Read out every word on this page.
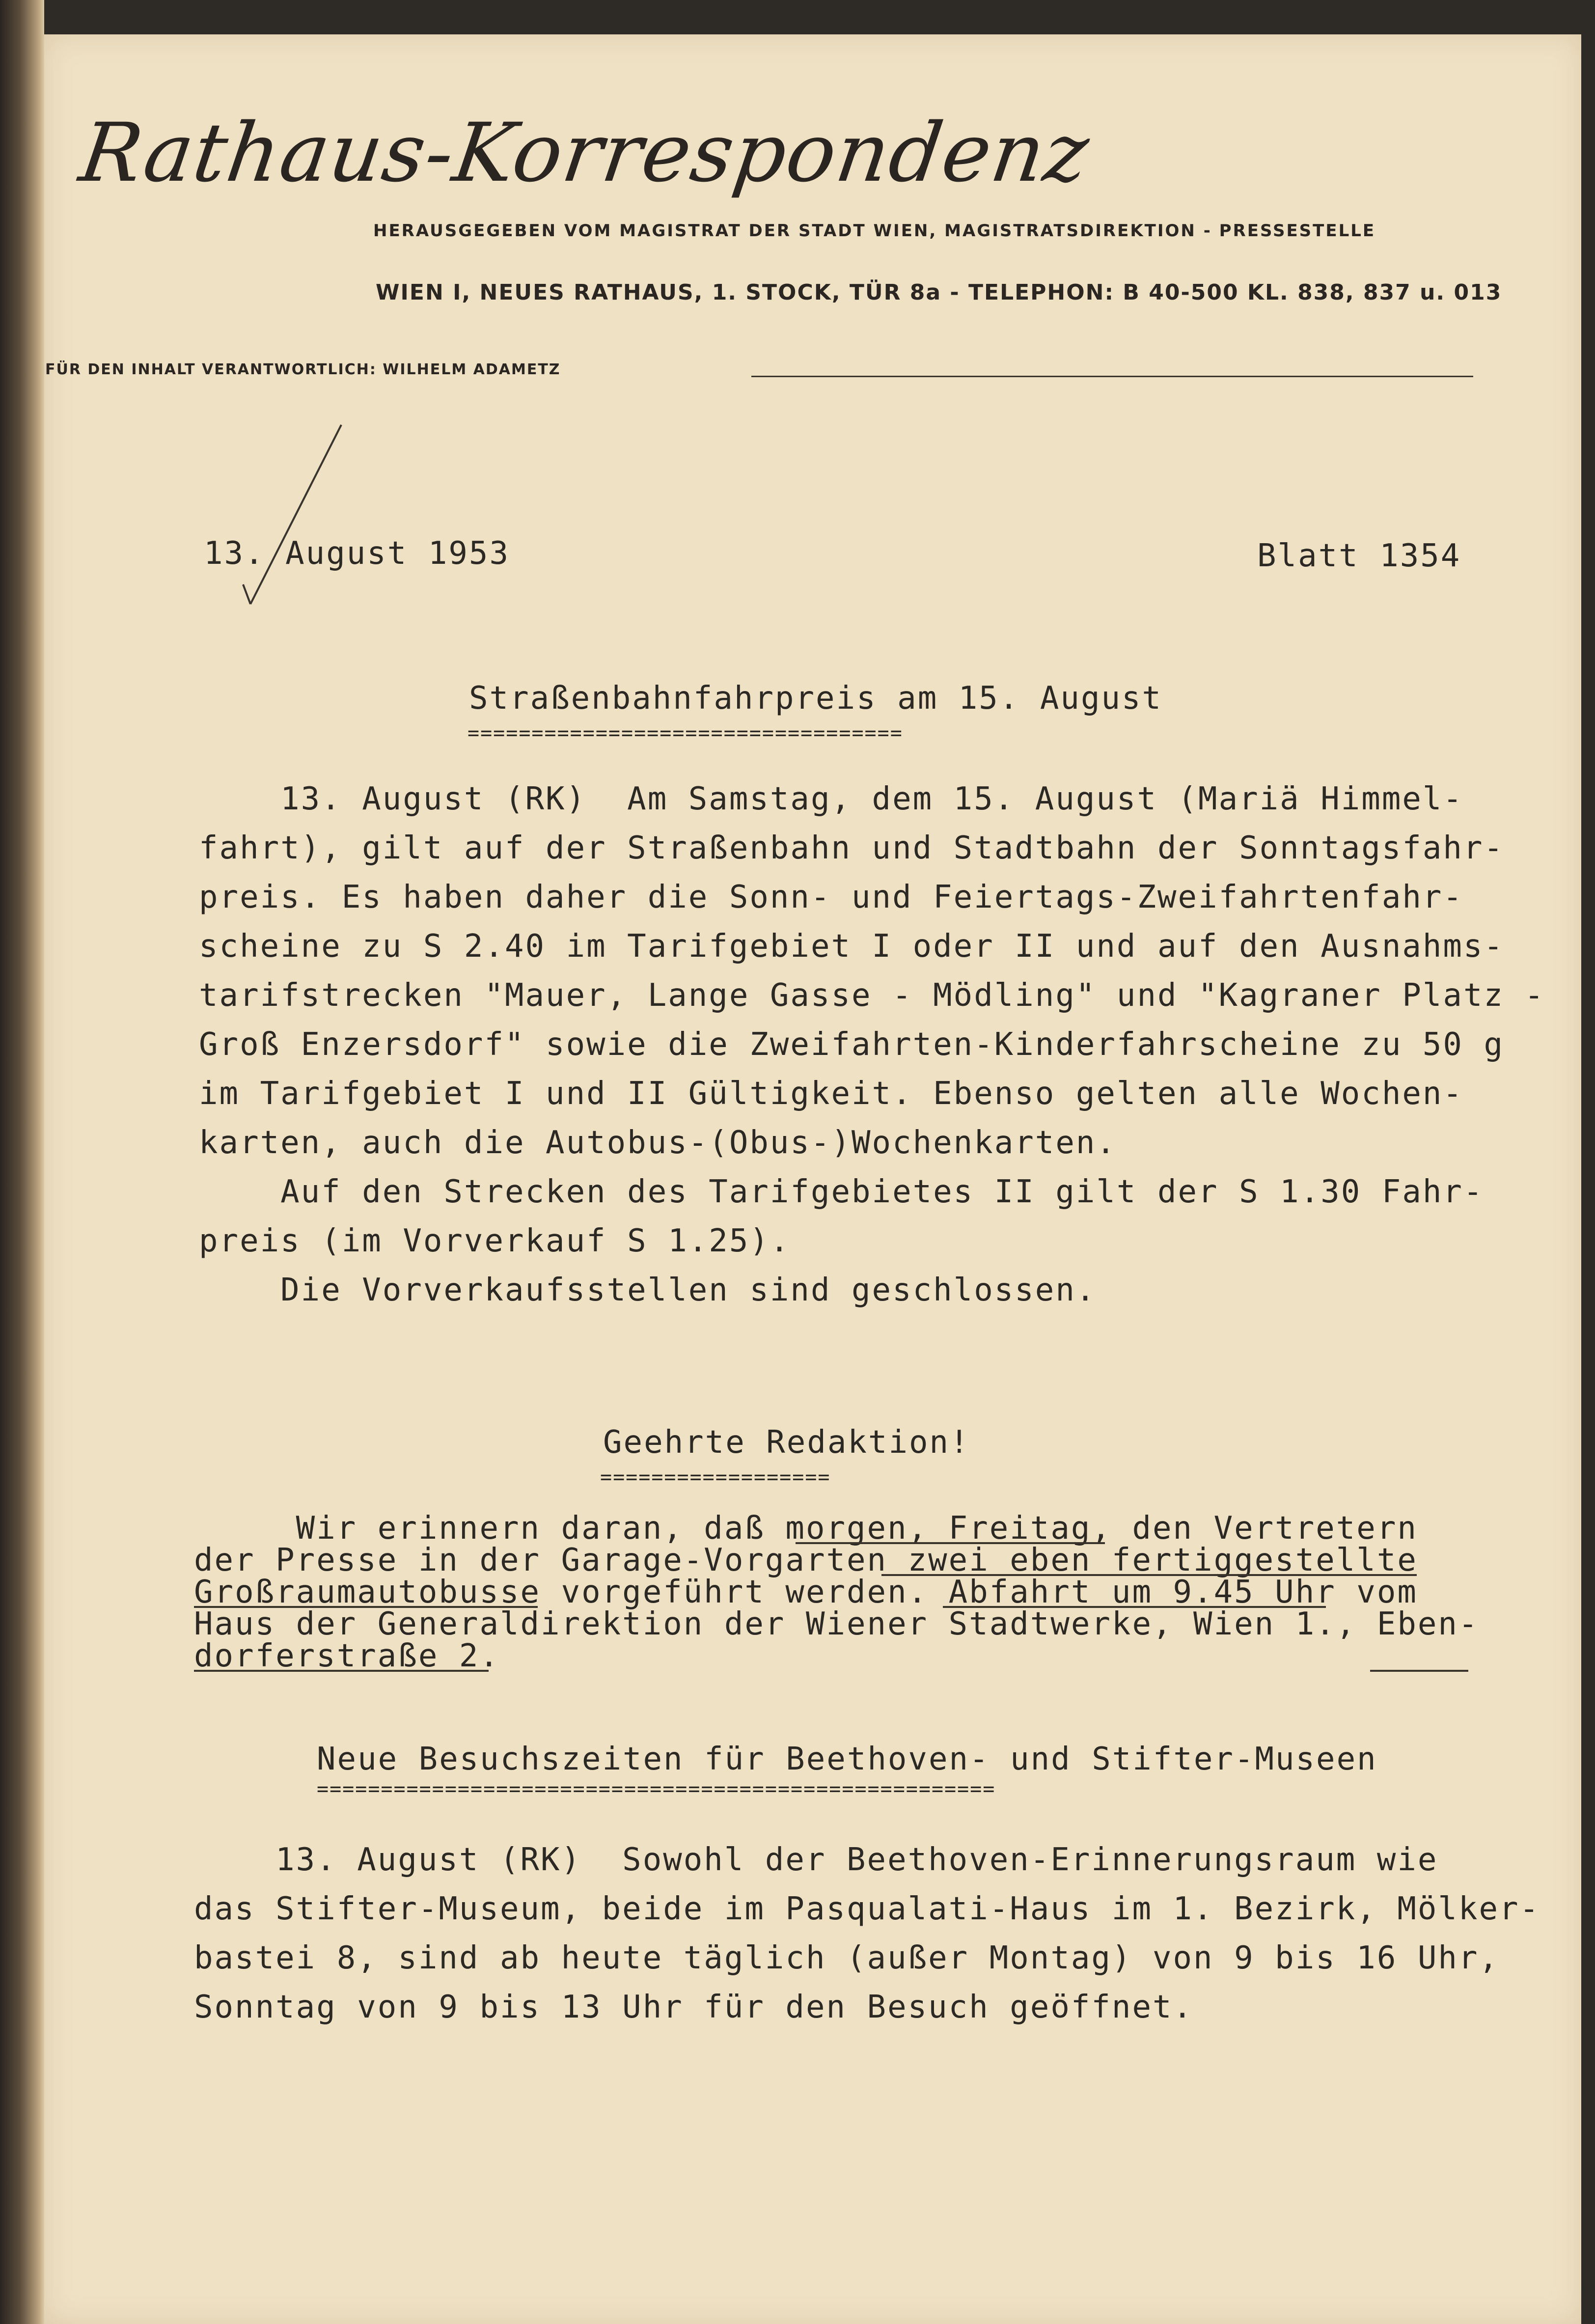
Rathaus-Korrespondenz
HERAUSGEGEBEN VOM MAGISTRAT DER STADT WIEN, MAGISTRATSDIREKTION - PRESSESTELLE
WIEN I, NEUES RATHAUS, 1. STOCK, TÜR 8a - TELEPHON: B 40-500 KL. 838, 837 u. 013
FÜR DEN INHALT VERANTWORTLICH: WILHELM ADAMETZ
13. August 1953	Blatt 1354
Straßenbahnfahrpreis am 15. August
==================================
13. August (RK)  Am Samstag, dem 15. August (Mariä Himmel-
fahrt), gilt auf der Straßenbahn und Stadtbahn der Sonntagsfahr-
preis. Es haben daher die Sonn- und Feiertags-Zweifahrtenfahr-
scheine zu S 2.40 im Tarifgebiet I oder II und auf den Ausnahms-
tarifstrecken "Mauer, Lange Gasse - Mödling" und "Kagraner Platz -
Groß Enzersdorf" sowie die Zweifahrten-Kinderfahrscheine zu 50 g
im Tarifgebiet I und II Gültigkeit. Ebenso gelten alle Wochen-
karten, auch die Autobus-(Obus-)Wochenkarten.
Auf den Strecken des Tarifgebietes II gilt der S 1.30 Fahr-
preis (im Vorverkauf S 1.25).
Die Vorverkaufsstellen sind geschlossen.
Geehrte Redaktion!
==================
Wir erinnern daran, daß morgen, Freitag, den Vertretern
der Presse in der Garage-Vorgarten zwei eben fertiggestellte
Großraumautobusse vorgeführt werden. Abfahrt um 9.45 Uhr vom
Haus der Generaldirektion der Wiener Stadtwerke, Wien 1., Eben-
dorferstraße 2.
Neue Besuchszeiten für Beethoven- und Stifter-Museen
=====================================================
13. August (RK)  Sowohl der Beethoven-Erinnerungsraum wie
das Stifter-Museum, beide im Pasqualati-Haus im 1. Bezirk, Mölker-
bastei 8, sind ab heute täglich (außer Montag) von 9 bis 16 Uhr,
Sonntag von 9 bis 13 Uhr für den Besuch geöffnet.
